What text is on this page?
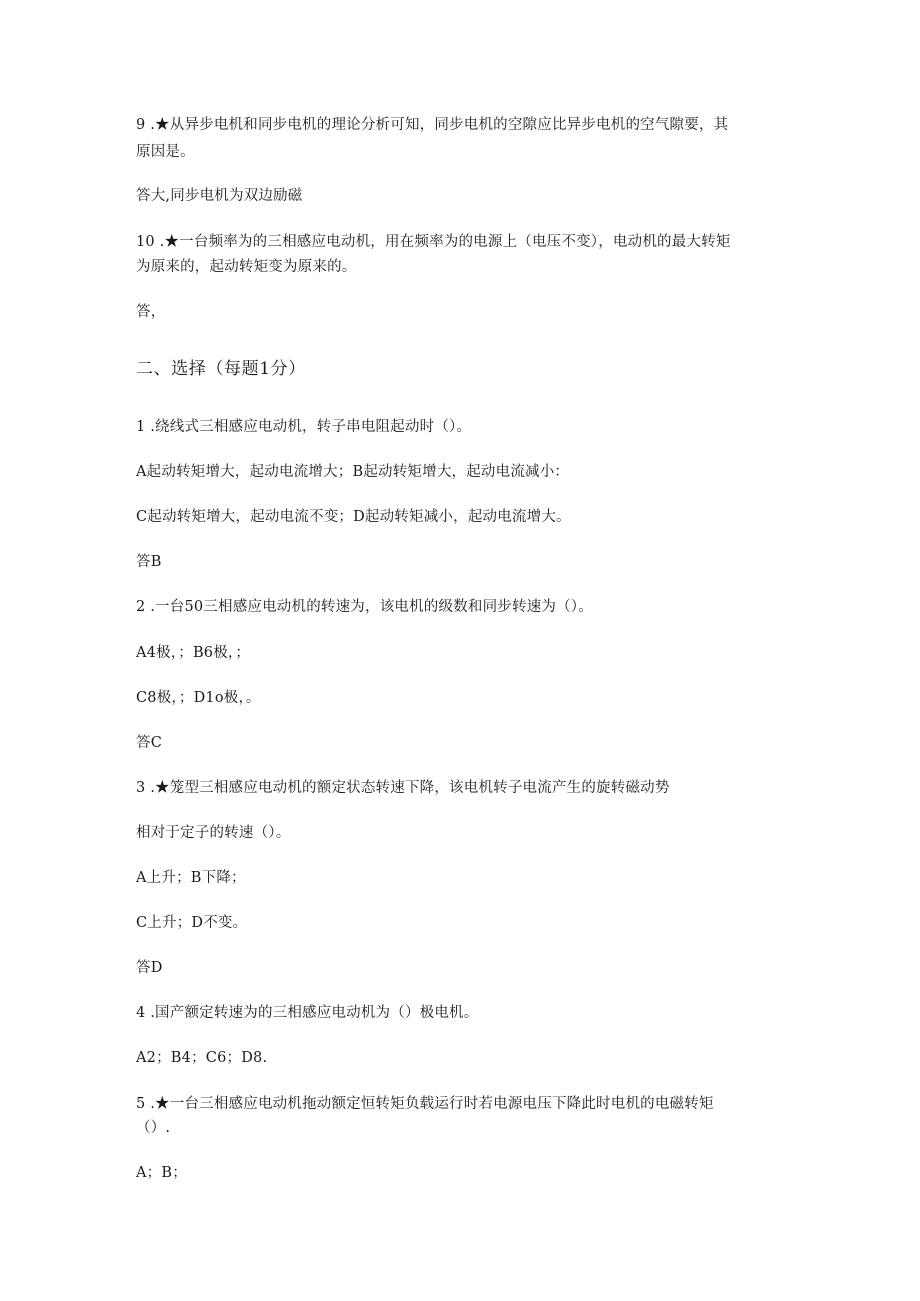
9 .★从异步电机和同步电机的理论分析可知，同步电机的空隙应比异步电机的空气隙要，其
原因是。
答大,同步电机为双边励磁
10 .★一台频率为的三相感应电动机，用在频率为的电源上（电压不变），电动机的最大转矩
为原来的，起动转矩变为原来的。
答，
二、选择（每题1分）
1 .绕线式三相感应电动机，转子串电阻起动时（）。
A起动转矩增大，起动电流增大；B起动转矩增大，起动电流减小：
C起动转矩增大，起动电流不变；D起动转矩减小，起动电流增大。
答B
2 .一台50三相感应电动机的转速为，该电机的级数和同步转速为（）。
A4极，；B6极，；
C8极，；D1o极，。
答C
3 .★笼型三相感应电动机的额定状态转速下降，该电机转子电流产生的旋转磁动势
相对于定子的转速（）。
A上升；B下降；
C上升；D不变。
答D
4 .国产额定转速为的三相感应电动机为（）极电机。
A2；B4；C6；D8.
5 .★一台三相感应电动机拖动额定恒转矩负载运行时若电源电压下降此时电机的电磁转矩
（）.
A；B；
